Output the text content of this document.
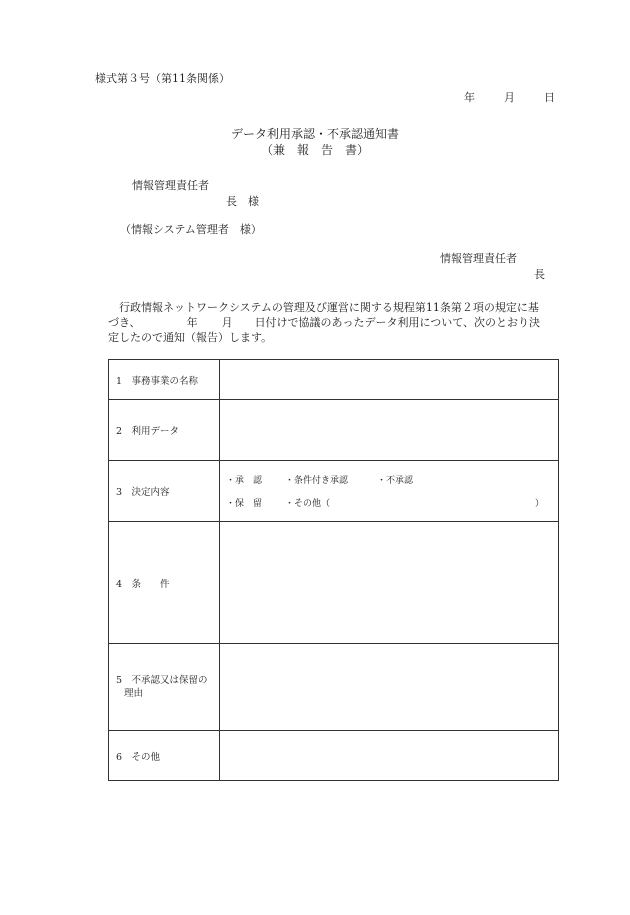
様式第３号（第11条関係）
年	月	日
データ利用承認・不承認通知書
（兼　報　告　書）
情報管理責任者
長　様
（情報システム管理者　様）
情報管理責任者
長
行政情報ネットワークシステムの管理及び運営に関する規程第11条第２項の規定に基
づき、	年 月 日付けで協議のあったデータ利用について、次のとおり決
定したので通知（報告）します。
1　事務事業の名称	
2　利用データ	
3　決定内容	・承　認 ・条件付き承認 ・不承認
・保　留 ・その他（ ）

4　条　　件	

5　不承認又は保留の
理由	

6　その他	
